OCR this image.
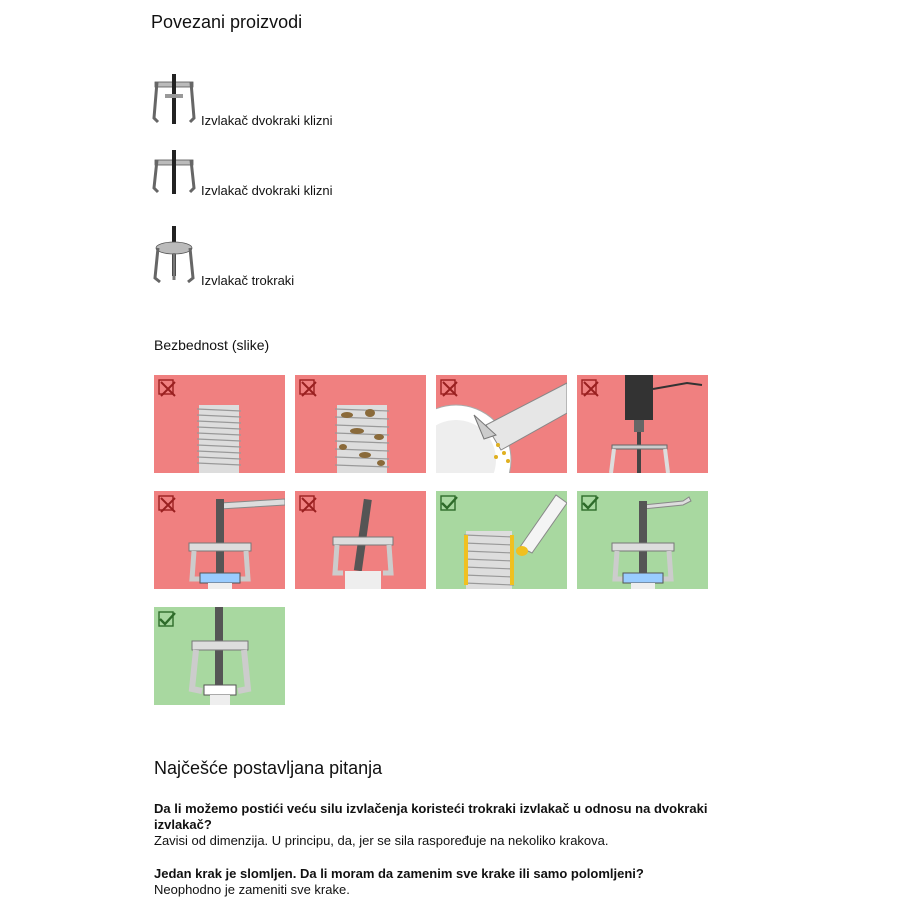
Povezani proizvodi
Izvlakač dvokraki klizni
Izvlakač dvokraki klizni
Izvlakač trokraki
Bezbednost (slike)
Najčešće postavljana pitanja
Da li možemo postići veću silu izvlačenja koristeći trokraki izvlakač u odnosu na dvokraki izvlakač?
Zavisi od dimenzija. U principu, da, jer se sila raspoređuje na nekoliko krakova.
Jedan krak je slomljen. Da li moram da zamenim sve krake ili samo polomljeni?
Neophodno je zameniti sve krake.
